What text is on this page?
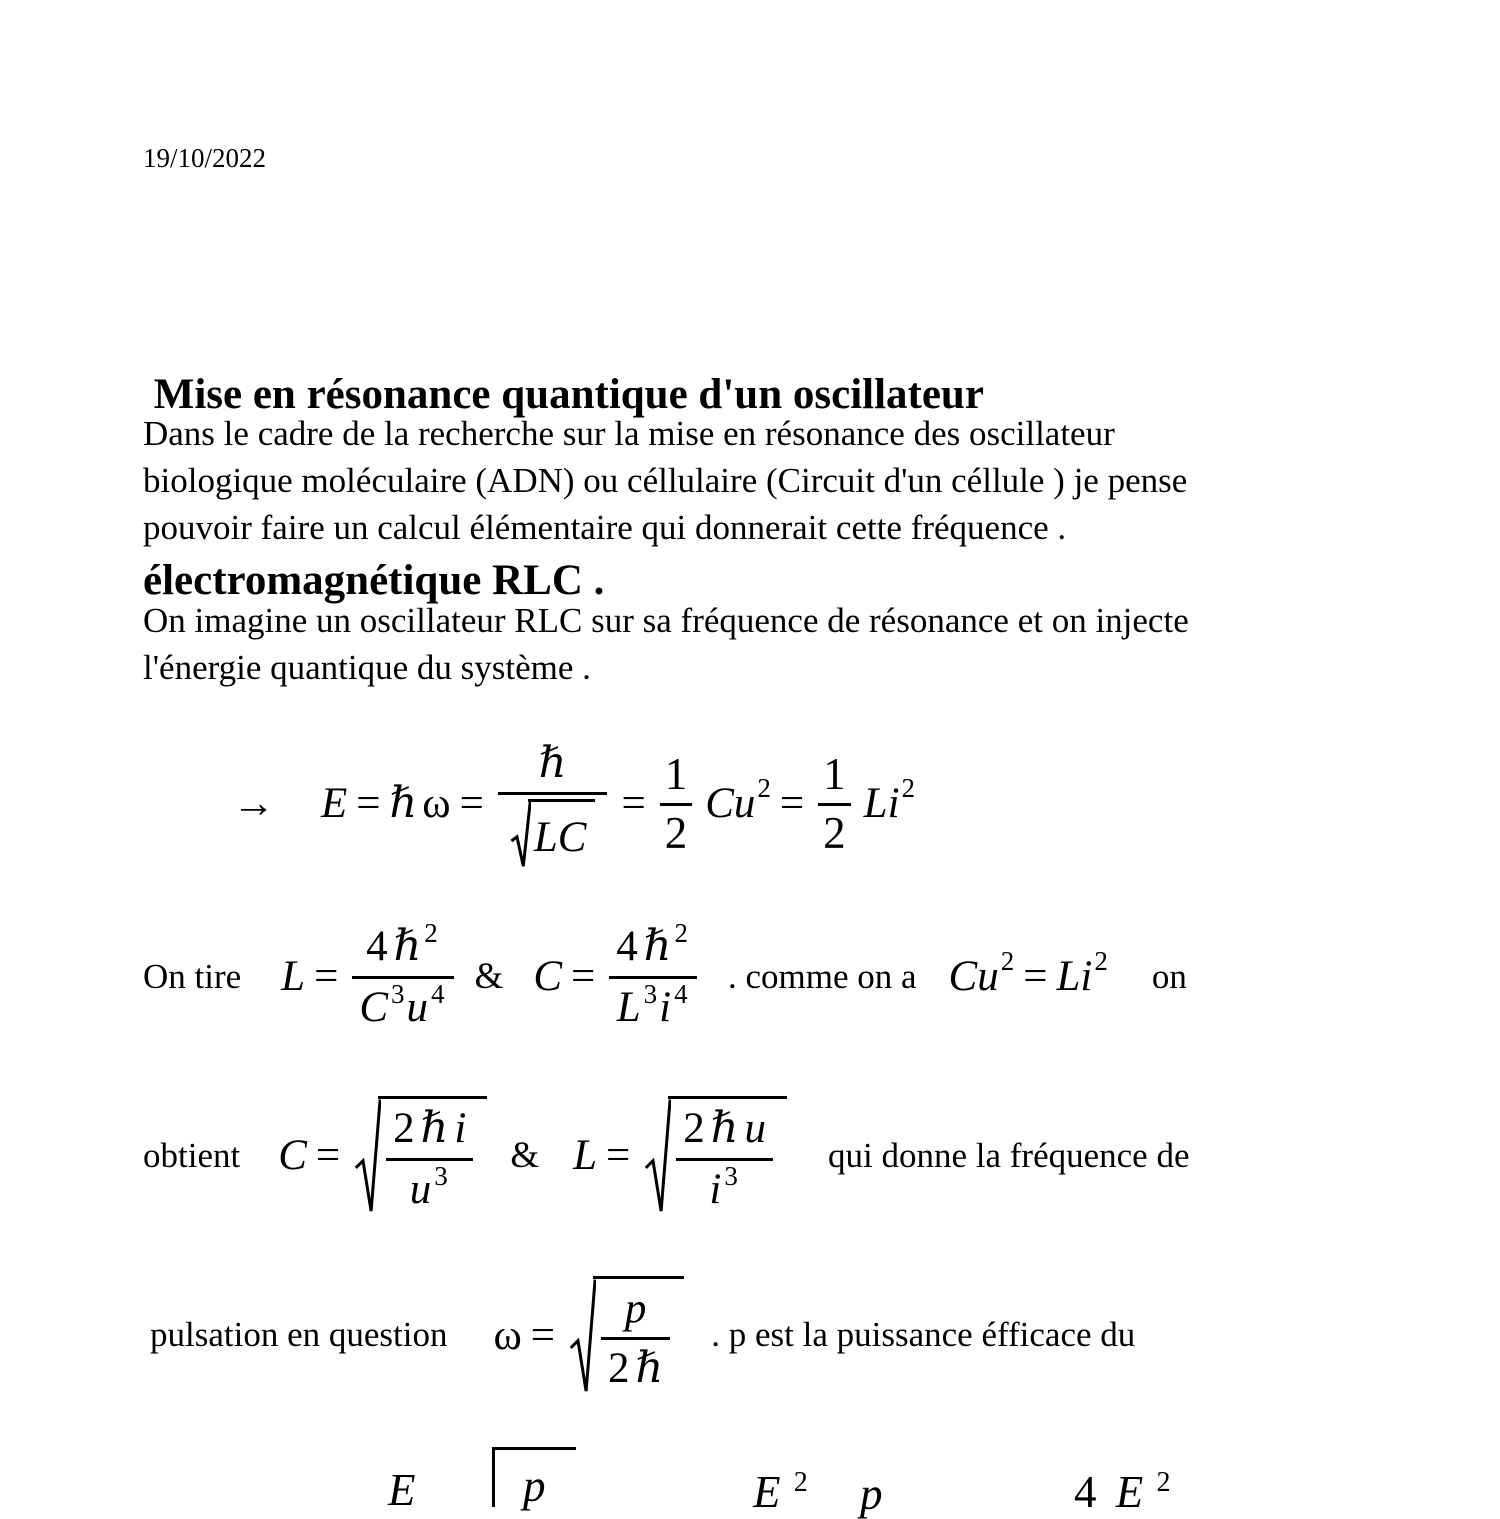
19/10/2022

Mise en résonance quantique d'un oscillateur

électromagnétique RLC .

Dans le cadre de la recherche sur la mise en résonance des oscillateur
biologique moléculaire (ADN) ou céllulaire (Circuit d'un céllule ) je pense
pouvoir faire un calcul élémentaire qui donnerait cette fréquence .

On imagine un oscillateur RLC sur sa fréquence de résonance et on injecte
l'énergie quantique du système .

→ E = ℏ $\omega = \frac{\text{ℏ}}{LC} = \frac{1}{2}$ Cu $2 = \frac{1}{2}$ Li 2
On tire $L = \frac{\text{4 ℏ 2}}{C 3 u 4}$ & $C = \frac{\text{4 ℏ 2}}{L 3 i 4}$ . comme on a Cu 2 = Li 2 on
obtient $C = \frac{\text{2 ℏ i}}{u 3}$ & $L = \frac{\text{2 ℏ u}}{i 3}$ qui donne la fréquence de
pulsation en question $\omega = \frac{p}{\text{2 ℏ}}$ . p est la puissance éfficace du
E	p	E $^2$ p	4 E $^2$
